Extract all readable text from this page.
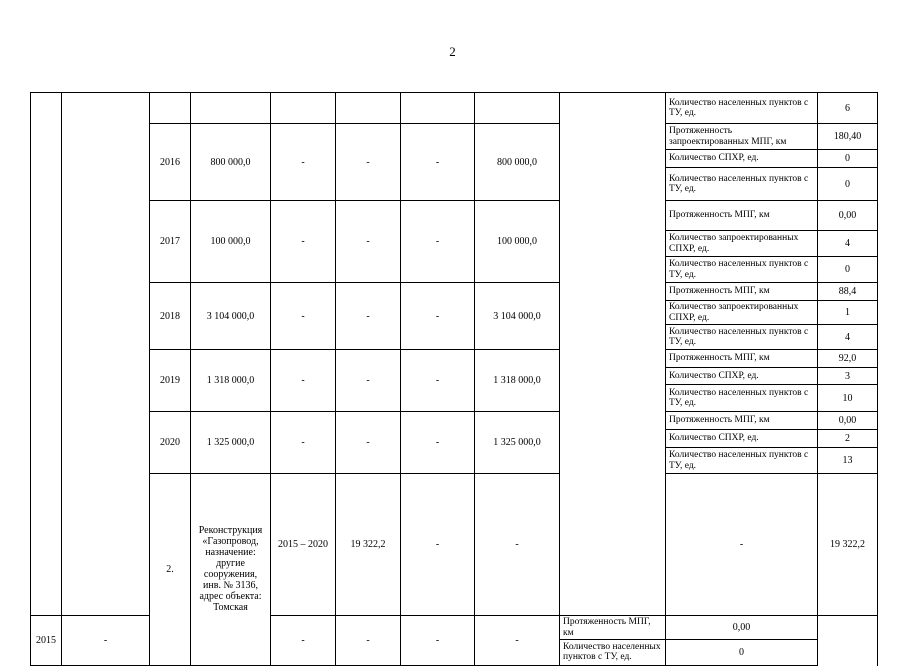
2
									Количество населенных пунктов с ТУ, ед.	6	
		2016	800 000,0	-	-	-	800 000,0		Протяженность запроектированных МПГ, км	180,40	
									Количество СПХР, ед.	0	
									Количество населенных пунктов с ТУ, ед.	0	
		2017	100 000,0	-	-	-	100 000,0		Протяженность МПГ, км	0,00	
									Количество запроектированных СПХР, ед.	4	
									Количество населенных пунктов с ТУ, ед.	0	
		2018	3 104 000,0	-	-	-	3 104 000,0		Протяженность МПГ, км	88,4	
									Количество запроектированных СПХР, ед.	1	
									Количество населенных пунктов с ТУ, ед.	4	
		2019	1 318 000,0	-	-	-	1 318 000,0		Протяженность МПГ, км	92,0	
									Количество СПХР, ед.	3	
									Количество населенных пунктов с ТУ, ед.	10	
		2020	1 325 000,0	-	-	-	1 325 000,0		Протяженность МПГ, км	0,00	
									Количество СПХР, ед.	2	
									Количество населенных пунктов с ТУ, ед.	13	
		2.	Реконструкция «Газопровод, назначение: другие сооружения, инв. № 3136, адрес объекта: Томская	2015 – 2020	19 322,2	-	-		-	19 322,2			

2015	-			-	-	-	-	Протяженность МПГ, км	0,00		
								Количество населенных пунктов с ТУ, ед.	0		
